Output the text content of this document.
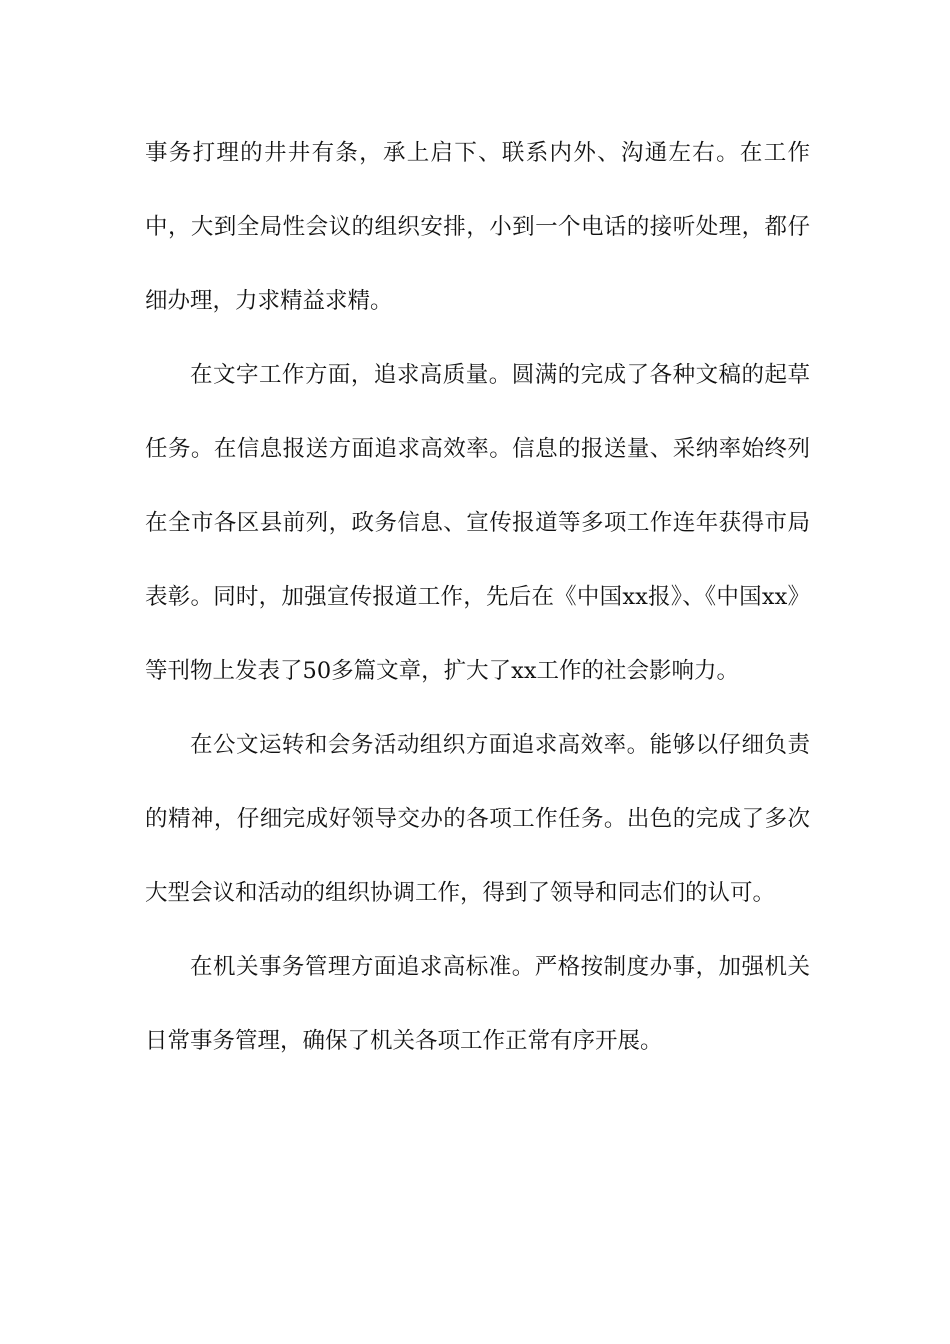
事务打理的井井有条，承上启下、联系内外、沟通左右。在工作中，大到全局性会议的组织安排，小到一个电话的接听处理，都仔细办理，力求精益求精。

在文字工作方面，追求高质量。圆满的完成了各种文稿的起草任务。在信息报送方面追求高效率。信息的报送量、采纳率始终列在全市各区县前列，政务信息、宣传报道等多项工作连年获得市局表彰。同时，加强宣传报道工作，先后在《中国xx报》、《中国xx》等刊物上发表了50多篇文章，扩大了xx工作的社会影响力。

在公文运转和会务活动组织方面追求高效率。能够以仔细负责的精神，仔细完成好领导交办的各项工作任务。出色的完成了多次大型会议和活动的组织协调工作，得到了领导和同志们的认可。

在机关事务管理方面追求高标准。严格按制度办事，加强机关日常事务管理，确保了机关各项工作正常有序开展。
